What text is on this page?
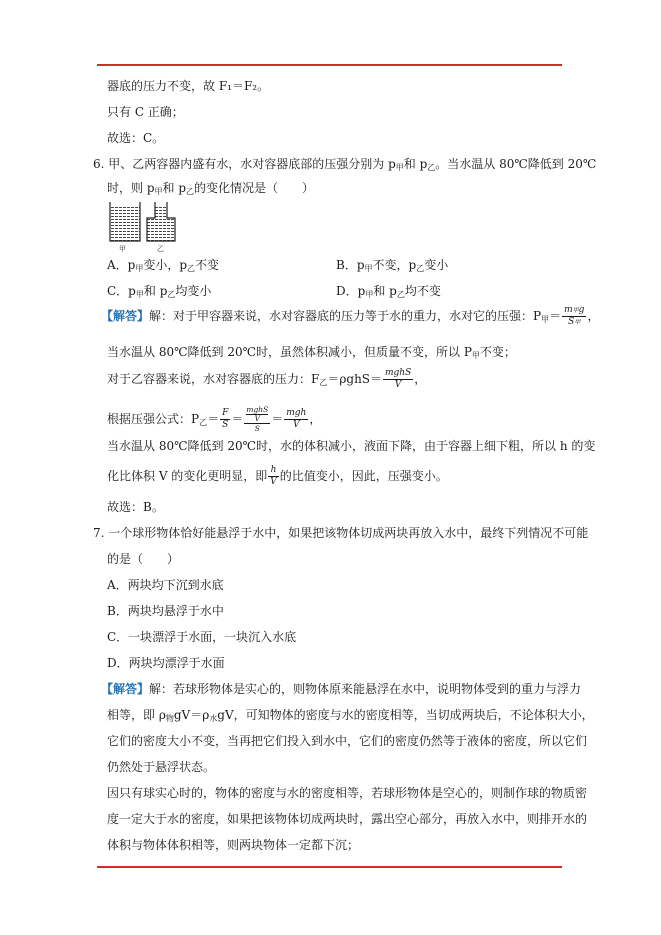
器底的压力不变，故 F₁＝F₂。
只有 C 正确；
故选：C。
6. 甲、乙两容器内盛有水，水对容器底部的压强分别为 p甲和 p乙。当水温从 80℃降低到 20℃
时，则 p甲和 p乙的变化情况是（　　）
甲	乙
A．p甲变小，p乙不变	B．p甲不变，p乙变小
C．p甲和 p乙均变小	D．p甲和 p乙均不变
【解答】解：对于甲容器来说，水对容器底的压力等于水的重力，水对它的压强：P甲＝ $\frac{\text{m甲g}}{\text{S甲}}$ ，
当水温从 80℃降低到 20℃时，虽然体积减小，但质量不变，所以 P甲不变；
对于乙容器来说，水对容器底的压力：F乙$=\rho ghS= \frac{\text{mghS}}{V}$ ，
根据压强公式：P乙＝ $\frac{F}{S}$ ＝ mghS
V
$S = \frac{\text{mgh}}{V}$ ，
当水温从 80℃降低到 20℃时，水的体积减小，液面下降，由于容器上细下粗，所以 h 的变
化比体积 V 的变化更明显，即 $\frac{h}{V}$ 的比值变小，因此，压强变小。
故选：B。
7. 一个球形物体恰好能悬浮于水中，如果把该物体切成两块再放入水中，最终下列情况不可能
的是（　　）
A．两块均下沉到水底
B．两块均悬浮于水中
C．一块漂浮于水面，一块沉入水底
D．两块均漂浮于水面
【解答】解：若球形物体是实心的，则物体原来能悬浮在水中，说明物体受到的重力与浮力
相等，即 ρ物gV＝ρ水gV，可知物体的密度与水的密度相等，当切成两块后，不论体积大小，
它们的密度大小不变，当再把它们投入到水中，它们的密度仍然等于液体的密度，所以它们
仍然处于悬浮状态。
因只有球实心时的，物体的密度与水的密度相等，若球形物体是空心的，则制作球的物质密
度一定大于水的密度，如果把该物体切成两块时，露出空心部分，再放入水中，则排开水的
体积与物体体积相等，则两块物体一定都下沉；
